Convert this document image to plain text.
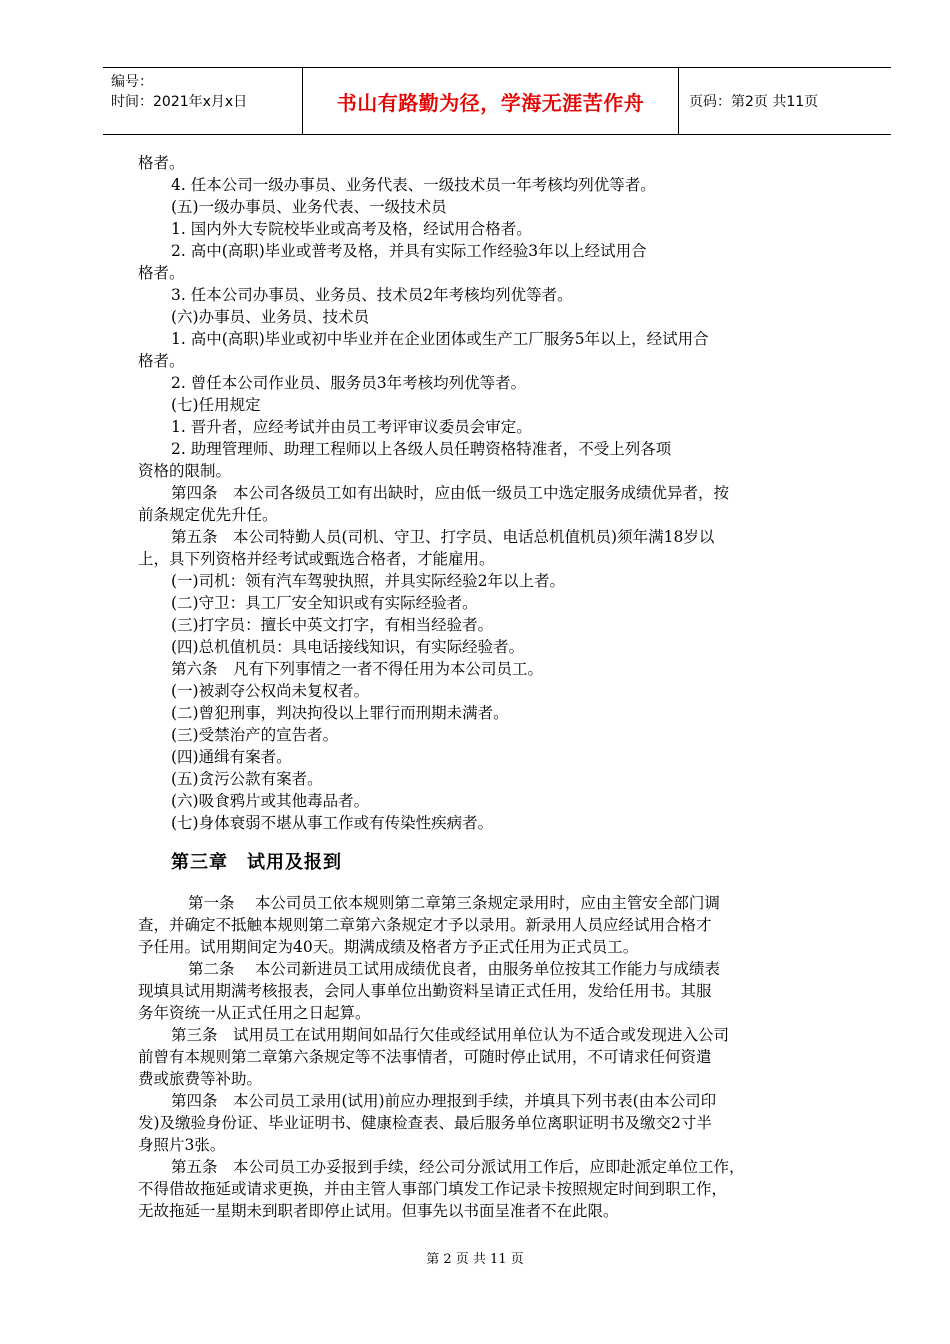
编号：
时间：2021年x月x日	书山有路勤为径，学海无涯苦作舟	页码：第2页 共11页

格者。

4. 任本公司一级办事员、业务代表、一级技术员一年考核均列优等者。

(五)一级办事员、业务代表、一级技术员

1. 国内外大专院校毕业或高考及格，经试用合格者。

2. 高中(高职)毕业或普考及格，并具有实际工作经验3年以上经试用合

格者。

3. 任本公司办事员、业务员、技术员2年考核均列优等者。

(六)办事员、业务员、技术员

1. 高中(高职)毕业或初中毕业并在企业团体或生产工厂服务5年以上，经试用合

格者。

2. 曾任本公司作业员、服务员3年考核均列优等者。

(七)任用规定

1. 晋升者，应经考试并由员工考评审议委员会审定。

2. 助理管理师、助理工程师以上各级人员任聘资格特准者，不受上列各项

资格的限制。

第四条　本公司各级员工如有出缺时，应由低一级员工中选定服务成绩优异者，按

前条规定优先升任。

第五条　本公司特勤人员(司机、守卫、打字员、电话总机值机员)须年满18岁以

上，具下列资格并经考试或甄选合格者，才能雇用。

(一)司机：领有汽车驾驶执照，并具实际经验2年以上者。

(二)守卫：具工厂安全知识或有实际经验者。

(三)打字员：擅长中英文打字，有相当经验者。

(四)总机值机员：具电话接线知识，有实际经验者。

第六条　凡有下列事情之一者不得任用为本公司员工。

(一)被剥夺公权尚未复权者。

(二)曾犯刑事，判决拘役以上罪行而刑期未满者。

(三)受禁治产的宣告者。

(四)通缉有案者。

(五)贪污公款有案者。

(六)吸食鸦片或其他毒品者。

(七)身体衰弱不堪从事工作或有传染性疾病者。

第三章　试用及报到

第一条　 本公司员工依本规则第二章第三条规定录用时，应由主管安全部门调

查，并确定不抵触本规则第二章第六条规定才予以录用。新录用人员应经试用合格才

予任用。试用期间定为40天。期满成绩及格者方予正式任用为正式员工。

第二条　 本公司新进员工试用成绩优良者，由服务单位按其工作能力与成绩表

现填具试用期满考核报表，会同人事单位出勤资料呈请正式任用，发给任用书。其服

务年资统一从正式任用之日起算。

第三条　试用员工在试用期间如品行欠佳或经试用单位认为不适合或发现进入公司

前曾有本规则第二章第六条规定等不法事情者，可随时停止试用，不可请求任何资遣

费或旅费等补助。

第四条　本公司员工录用(试用)前应办理报到手续，并填具下列书表(由本公司印

发)及缴验身份证、毕业证明书、健康检查表、最后服务单位离职证明书及缴交2寸半

身照片3张。

第五条　本公司员工办妥报到手续，经公司分派试用工作后，应即赴派定单位工作，

不得借故拖延或请求更换，并由主管人事部门填发工作记录卡按照规定时间到职工作，

无故拖延一星期未到职者即停止试用。但事先以书面呈准者不在此限。

第 2 页 共 11 页
